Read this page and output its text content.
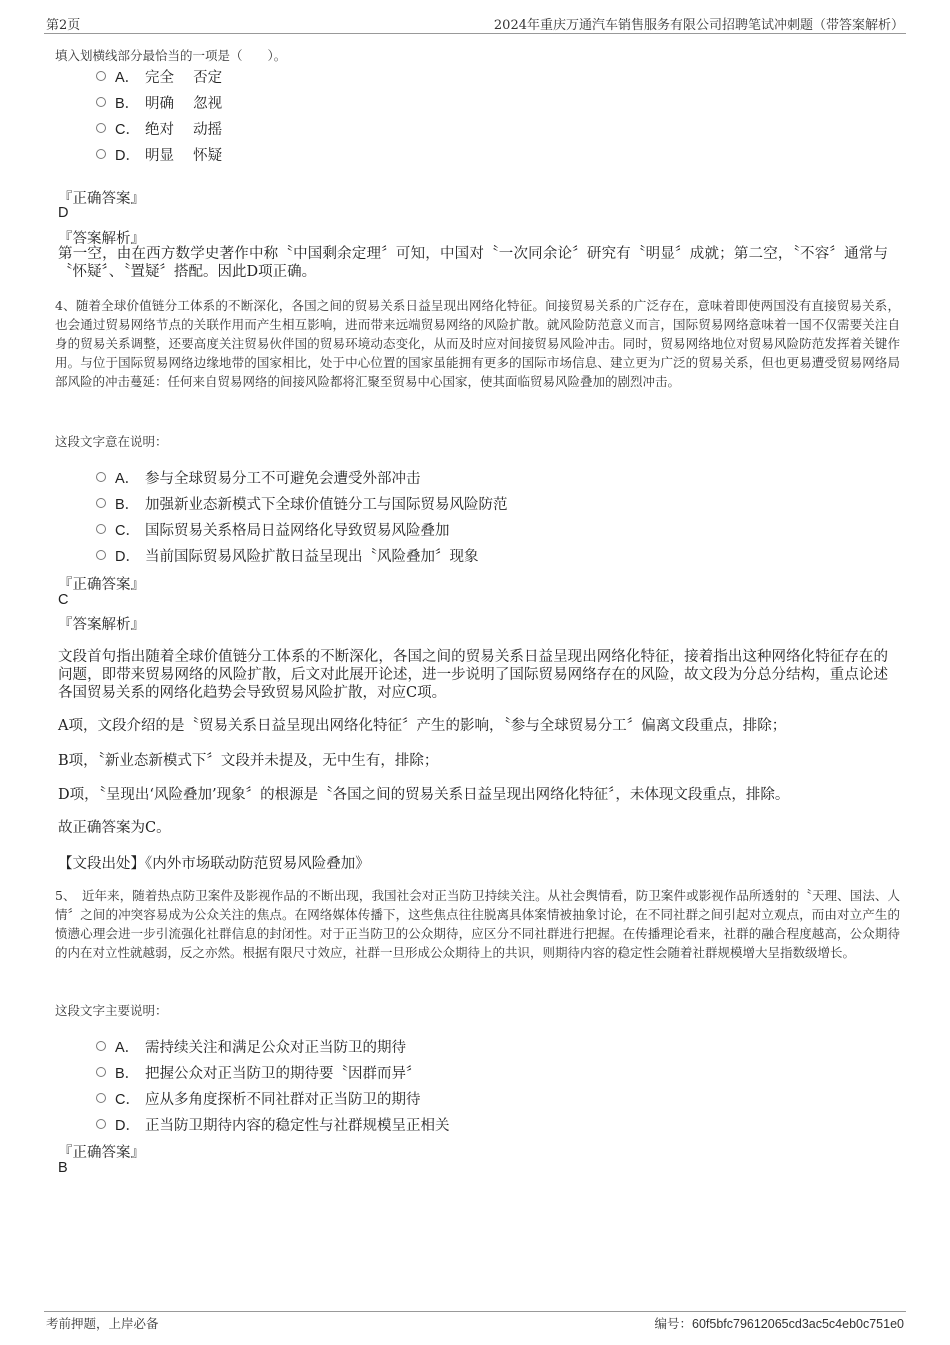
第2页	2024年重庆万通汽车销售服务有限公司招聘笔试冲刺题（带答案解析）
填入划横线部分最恰当的一项是（　　）。
A． 完全　 否定
B． 明确　 忽视
C． 绝对　 动摇
D． 明显　 怀疑
『正确答案』
D
『答案解析』
第一空，由在西方数学史著作中称〝中国剩余定理〞可知，中国对〝一次同余论〞研究有〝明显〞成就；第二空，〝不容〞通常与〝怀疑〞、〝置疑〞搭配。因此D项正确。
4、随着全球价值链分工体系的不断深化，各国之间的贸易关系日益呈现出网络化特征。间接贸易关系的广泛存在，意味着即使两国没有直接贸易关系，也会通过贸易网络节点的关联作用而产生相互影响，进而带来远端贸易网络的风险扩散。就风险防范意义而言，国际贸易网络意味着一国不仅需要关注自身的贸易关系调整，还要高度关注贸易伙伴国的贸易环境动态变化，从而及时应对间接贸易风险冲击。同时，贸易网络地位对贸易风险防范发挥着关键作用。与位于国际贸易网络边缘地带的国家相比，处于中心位置的国家虽能拥有更多的国际市场信息、建立更为广泛的贸易关系，但也更易遭受贸易网络局部风险的冲击蔓延：任何来自贸易网络的间接风险都将汇聚至贸易中心国家，使其面临贸易风险叠加的剧烈冲击。
这段文字意在说明：
A． 参与全球贸易分工不可避免会遭受外部冲击
B． 加强新业态新模式下全球价值链分工与国际贸易风险防范
C． 国际贸易关系格局日益网络化导致贸易风险叠加
D． 当前国际贸易风险扩散日益呈现出〝风险叠加〞现象
『正确答案』
C
『答案解析』
文段首句指出随着全球价值链分工体系的不断深化，各国之间的贸易关系日益呈现出网络化特征，接着指出这种网络化特征存在的问题，即带来贸易网络的风险扩散，后文对此展开论述，进一步说明了国际贸易网络存在的风险，故文段为分总分结构，重点论述各国贸易关系的网络化趋势会导致贸易风险扩散，对应C项。
A项，文段介绍的是〝贸易关系日益呈现出网络化特征〞产生的影响，〝参与全球贸易分工〞偏离文段重点，排除；
B项，〝新业态新模式下〞文段并未提及，无中生有，排除；
D项，〝呈现出‘风险叠加’现象〞的根源是〝各国之间的贸易关系日益呈现出网络化特征〞，未体现文段重点，排除。
故正确答案为C。
【文段出处】《内外市场联动防范贸易风险叠加》
5、　近年来，随着热点防卫案件及影视作品的不断出现，我国社会对正当防卫持续关注。从社会舆情看，防卫案件或影视作品所透射的〝天理、国法、人情〞之间的冲突容易成为公众关注的焦点。在网络媒体传播下，这些焦点往往脱离具体案情被抽象讨论，在不同社群之间引起对立观点，而由对立产生的愤懑心理会进一步引流强化社群信息的封闭性。对于正当防卫的公众期待，应区分不同社群进行把握。在传播理论看来，社群的融合程度越高，公众期待的内在对立性就越弱，反之亦然。根据有限尺寸效应，社群一旦形成公众期待上的共识，则期待内容的稳定性会随着社群规模增大呈指数级增长。
这段文字主要说明：
A． 需持续关注和满足公众对正当防卫的期待
B． 把握公众对正当防卫的期待要〝因群而异〞
C． 应从多角度探析不同社群对正当防卫的期待
D． 正当防卫期待内容的稳定性与社群规模呈正相关
『正确答案』
B
考前押题，上岸必备	编号：60f5bfc79612065cd3ac5c4eb0c751e0
